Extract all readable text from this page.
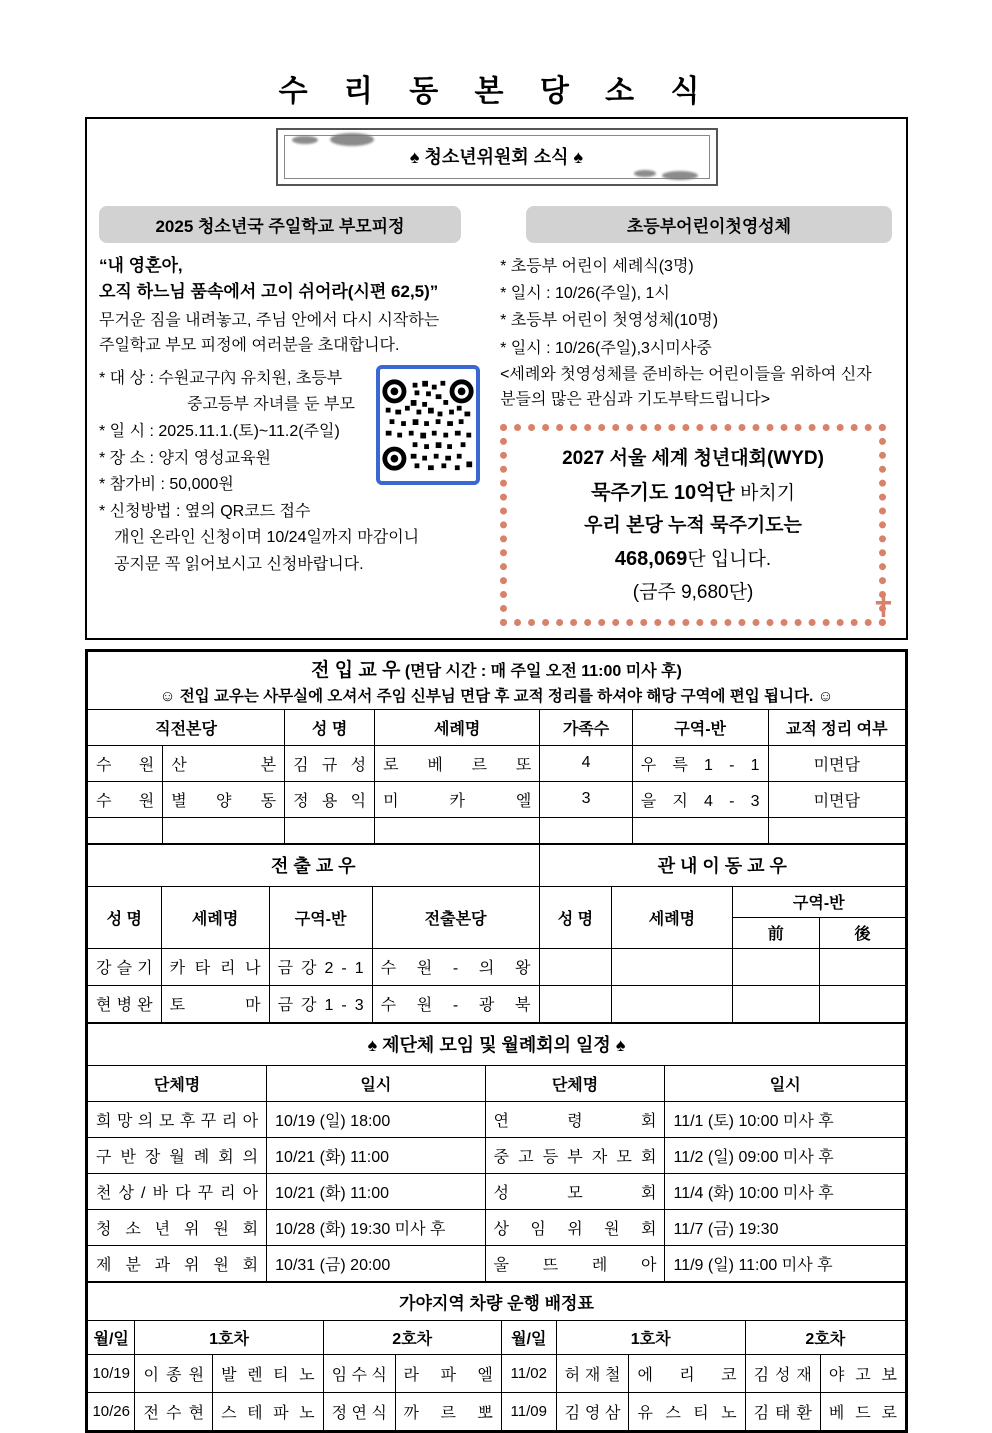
수 리 동 본 당 소 식
♠ 청소년위원회 소식 ♠
2025 청소년국 주일학교 부모피정	초등부어린이첫영성체
“내 영혼아,
오직 하느님 품속에서 고이 쉬어라(시편 62,5)”
무거운 짐을 내려놓고, 주님 안에서 다시 시작하는
주일학교 부모 피정에 여러분을 초대합니다.
* 대 상 : 수원교구內 유치원, 초등부
중고등부 자녀를 둔 부모
* 일 시 : 2025.11.1.(토)~11.2(주일)
* 장 소 : 양지 영성교육원
* 참가비 : 50,000원
* 신청방법 : 옆의 QR코드 접수
개인 온라인 신청이며 10/24일까지 마감이니
공지문 꼭 읽어보시고 신청바랍니다.
* 초등부 어린이 세례식(3명)
* 일시 : 10/26(주일), 1시
* 초등부 어린이 첫영성체(10명)
* 일시 : 10/26(주일),3시미사중
<세례와 첫영성체를 준비하는 어린이들을 위하여 신자
분들의 많은 관심과 기도부탁드립니다>
2027 서울 세계 청년대회(WYD)
묵주기도 10억단 바치기
우리 본당 누적 묵주기도는
468,069단 입니다.
(금주 9,680단)	✝
전 입 교 우 (면담 시간 : 매 주일 오전 11:00 미사 후)
☺ 전입 교우는 사무실에 오셔서 주임 신부님 면담 후 교적 정리를 하셔야 해당 구역에 편입 됩니다. ☺						

직전본당		성 명	세례명	가족수	구역-반	교적 정리 여부
수 원	산 본	김 규 성	로 베 르 또	4	우 륵 1 - 1	미면담
수 원	별 양 동	정 용 익	미 카 엘	3	을 지 4 - 3	미면담

전 출 교 우				관 내 이 동 교 우			
성 명	세례명	구역-반	전출본당	성 명	세례명	구역-반	
						前	後
강 슬 기	카 타 리 나	금 강 2 - 1	수 원 - 의 왕				
현 병 완	토 마	금 강 1 - 3	수 원 - 광 북				
♠ 제단체 모임 및 월례회의 일정 ♠			
단체명	일시	단체명	일시
희 망 의 모 후 꾸 리 아	10/19 (일) 18:00	연 령 회	11/1 (토) 10:00 미사 후
구 반 장 월 례 회 의	10/21 (화) 11:00	중 고 등 부 자 모 회	11/2 (일) 09:00 미사 후
천 상 / 바 다 꾸 리 아	10/21 (화) 11:00	성 모 회	11/4 (화) 10:00 미사 후
청 소 년 위 원 회	10/28 (화) 19:30 미사 후	상 임 위 원 회	11/7 (금) 19:30
제 분 과 위 원 회	10/31 (금) 20:00	울 뜨 레 아	11/9 (일) 11:00 미사 후
가야지역 차량 운행 배정표									
월/일	1호차		2호차		월/일	1호차		2호차	
10/19	이 종 원	발 렌 티 노	임 수 식	라 파 엘	11/02	허 재 철	에 리 코	김 성 재	야 고 보
10/26	전 수 현	스 테 파 노	정 연 식	까 르 뽀	11/09	김 영 삼	유 스 티 노	김 태 환	베 드 로
